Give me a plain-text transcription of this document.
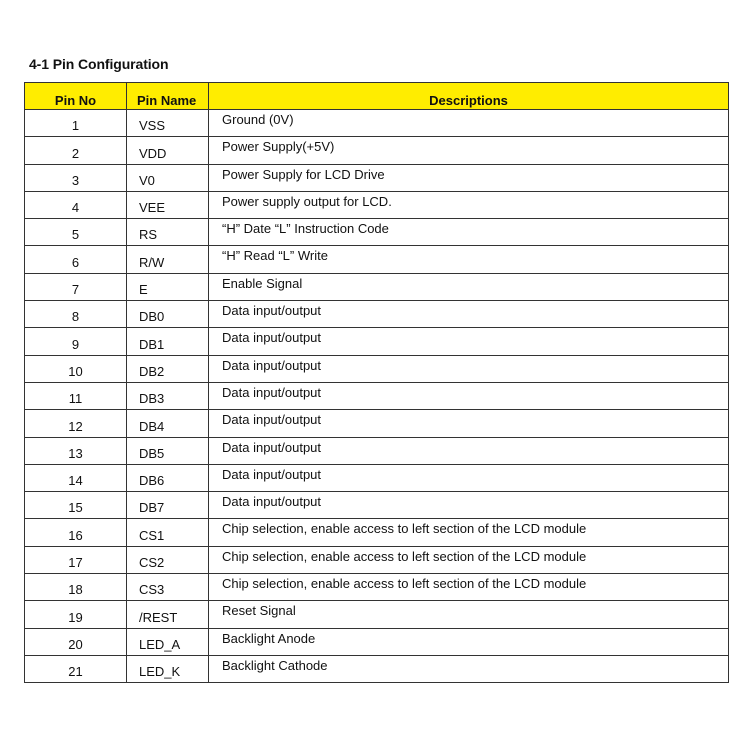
4-1 Pin Configuration
Pin No	Pin Name	Descriptions
1	VSS	Ground (0V)
2	VDD	Power Supply(+5V)
3	V0	Power Supply for LCD Drive
4	VEE	Power supply output for LCD.
5	RS	“H” Date “L” Instruction Code
6	R/W	“H” Read “L” Write
7	E	Enable Signal
8	DB0	Data input/output
9	DB1	Data input/output
10	DB2	Data input/output
11	DB3	Data input/output
12	DB4	Data input/output
13	DB5	Data input/output
14	DB6	Data input/output
15	DB7	Data input/output
16	CS1	Chip selection, enable access to left section of the LCD module
17	CS2	Chip selection, enable access to left section of the LCD module
18	CS3	Chip selection, enable access to left section of the LCD module
19	/REST	Reset Signal
20	LED_A	Backlight Anode
21	LED_K	Backlight Cathode
